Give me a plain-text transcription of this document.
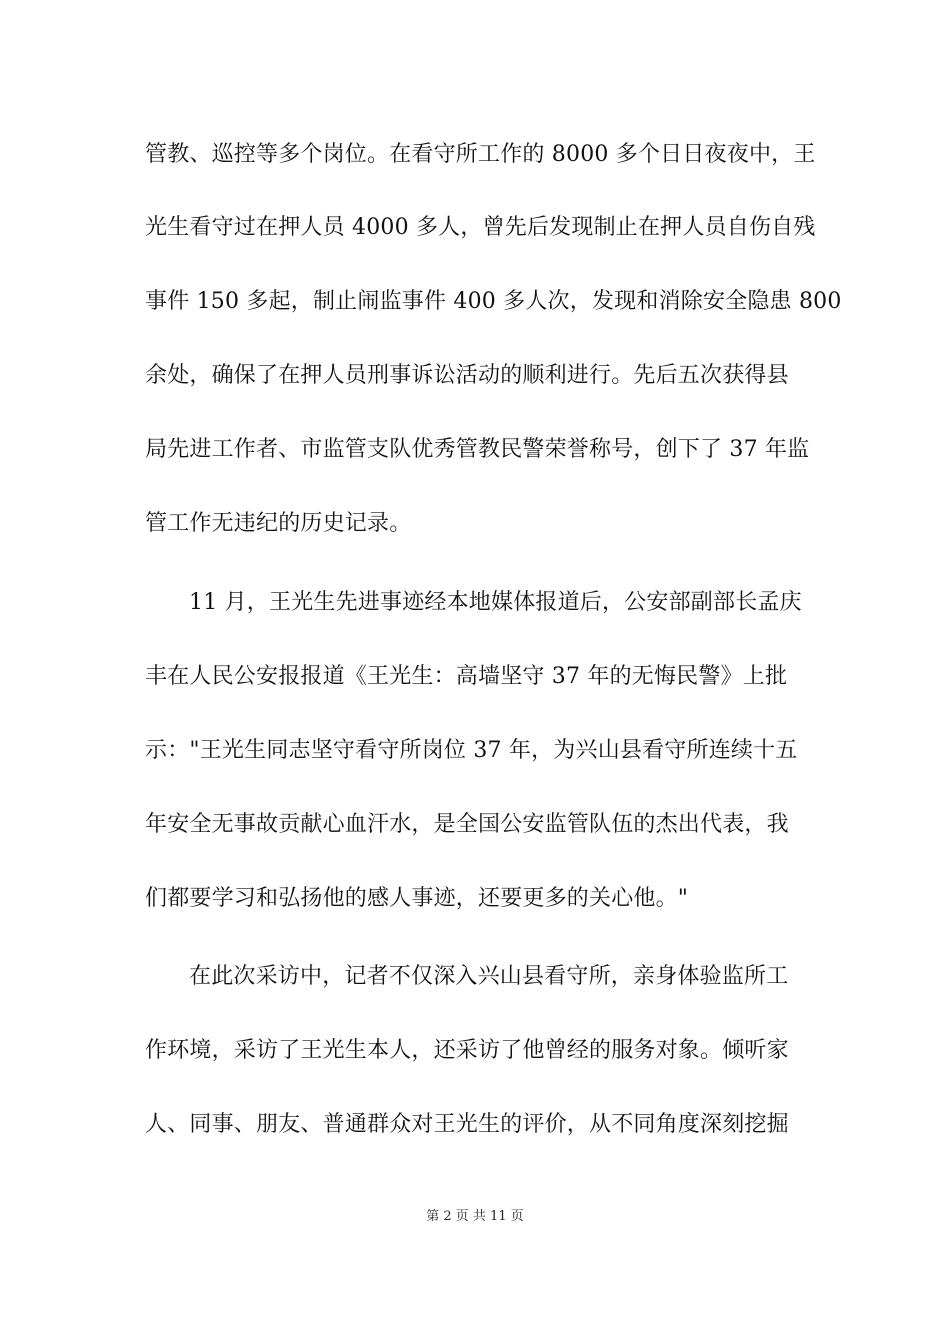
管教、巡控等多个岗位。在看守所工作的 8000 多个日日夜夜中，王
光生看守过在押人员 4000 多人，曾先后发现制止在押人员自伤自残
事件 150 多起，制止闹监事件 400 多人次，发现和消除安全隐患 800
余处，确保了在押人员刑事诉讼活动的顺利进行。先后五次获得县
局先进工作者、市监管支队优秀管教民警荣誉称号，创下了 37 年监
管工作无违纪的历史记录。
11 月，王光生先进事迹经本地媒体报道后，公安部副部长孟庆
丰在人民公安报报道《王光生：高墙坚守 37 年的无悔民警》上批
示："王光生同志坚守看守所岗位 37 年，为兴山县看守所连续十五
年安全无事故贡献心血汗水，是全国公安监管队伍的杰出代表，我
们都要学习和弘扬他的感人事迹，还要更多的关心他。"
在此次采访中，记者不仅深入兴山县看守所，亲身体验监所工
作环境，采访了王光生本人，还采访了他曾经的服务对象。倾听家
人、同事、朋友、普通群众对王光生的评价，从不同角度深刻挖掘
第 2 页 共 11 页
